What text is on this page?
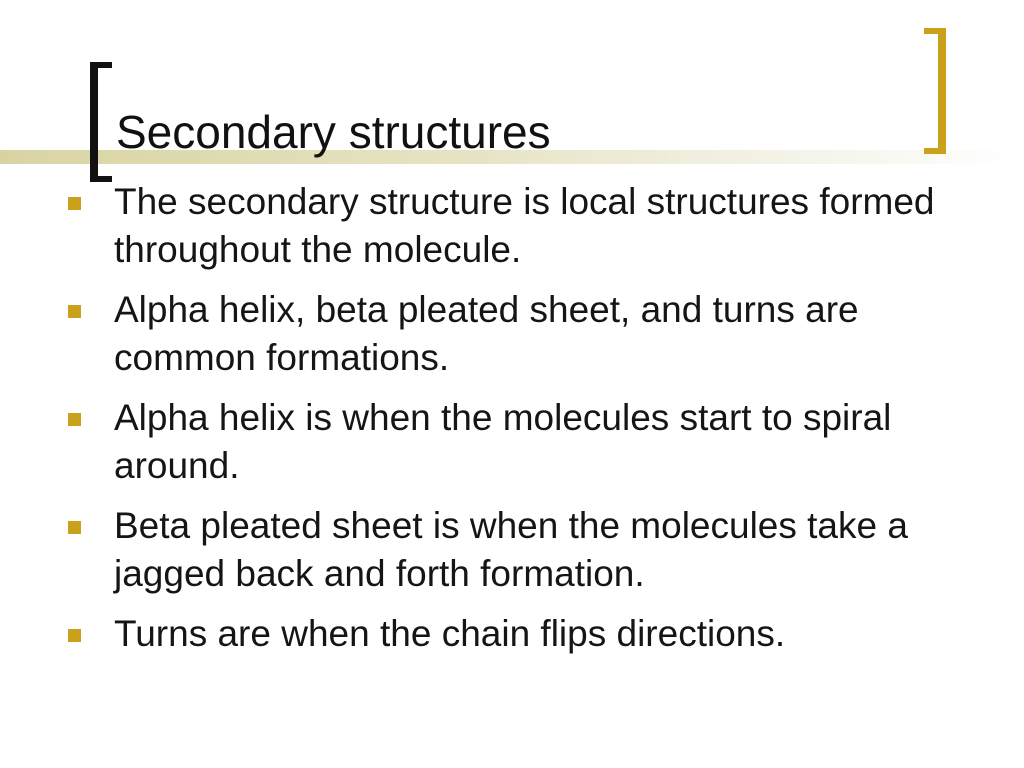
Secondary structures
The secondary structure is local structures formed throughout the molecule.
Alpha helix, beta pleated sheet, and turns are common formations.
Alpha helix is when the molecules start to spiral around.
Beta pleated sheet is when the molecules take a jagged back and forth formation.
Turns are when the chain flips directions.
